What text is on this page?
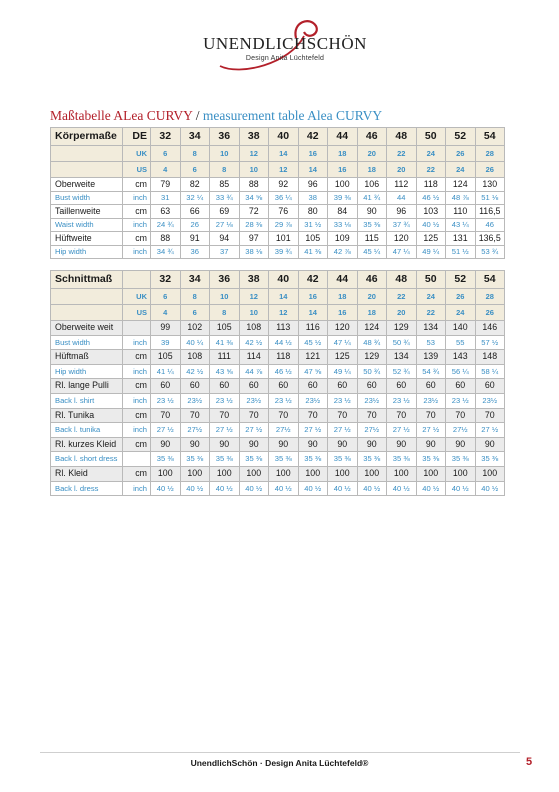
UNENDLICHSCHÖN
Design Anita Lüchtefeld
Maßtabelle ALea CURVY / measurement table Alea CURVY
Körpermaße	DE	32	34	36	38	40	42	44	46	48	50	52	54
	UK	6	8	10	12	14	16	18	20	22	24	26	28
	US	4	6	8	10	12	14	16	18	20	22	24	26
Oberweite	cm	79	82	85	88	92	96	100	106	112	118	124	130
Bust width	inch	31	32 ¼	33 ¾	34 ⅝	36 ¼	38	39 ⅜	41 ¾	44	46 ½	48 ⅞	51 ⅛
Taillenweite	cm	63	66	69	72	76	80	84	90	96	103	110	116,5
Waist width	inch	24 ¾	26	27 ⅛	28 ⅜	29 ⅞	31 ½	33 ⅛	35 ⅜	37 ¾	40 ½	43 ¼	46
Hüftweite	cm	88	91	94	97	101	105	109	115	120	125	131	136,5
Hip width	inch	34 ¾	36	37	38 ⅛	39 ¾	41 ⅜	42 ⅞	45 ¼	47 ¼	49 ¼	51 ½	53 ¾
Schnittmaß		32	34	36	38	40	42	44	46	48	50	52	54
	UK	6	8	10	12	14	16	18	20	22	24	26	28
	US	4	6	8	10	12	14	16	18	20	22	24	26
Oberweite weit		99	102	105	108	113	116	120	124	129	134	140	146
Bust width	inch	39	40 ¼	41 ⅜	42 ½	44 ½	45 ½	47 ¼	48 ¾	50 ¾	53	55	57 ½
Hüftmaß	cm	105	108	111	114	118	121	125	129	134	139	143	148
Hip width	inch	41 ¼	42 ½	43 ⅝	44 ⅞	46 ½	47 ⅝	49 ¼	50 ¾	52 ¾	54 ¾	56 ¼	58 ¼
Rl. lange Pulli	cm	60	60	60	60	60	60	60	60	60	60	60	60
Back l. shirt	inch	23 ½	23½	23 ½	23½	23 ½	23½	23 ½	23½	23 ½	23½	23 ½	23½
Rl. Tunika	cm	70	70	70	70	70	70	70	70	70	70	70	70
Back l. tunika	inch	27 ½	27½	27 ½	27 ½	27½	27 ½	27 ½	27½	27 ½	27 ½	27½	27 ½
Rl. kurzes Kleid	cm	90	90	90	90	90	90	90	90	90	90	90	90
Back l. short dress		35 ⅜	35 ⅜	35 ⅜	35 ⅜	35 ⅜	35 ⅜	35 ⅜	35 ⅜	35 ⅜	35 ⅜	35 ⅜	35 ⅜
Rl. Kleid	cm	100	100	100	100	100	100	100	100	100	100	100	100
Back l. dress	inch	40 ½	40 ½	40 ½	40 ½	40 ½	40 ½	40 ½	40 ½	40 ½	40 ½	40 ½	40 ½
UnendlichSchön · Design Anita Lüchtefeld®	5
